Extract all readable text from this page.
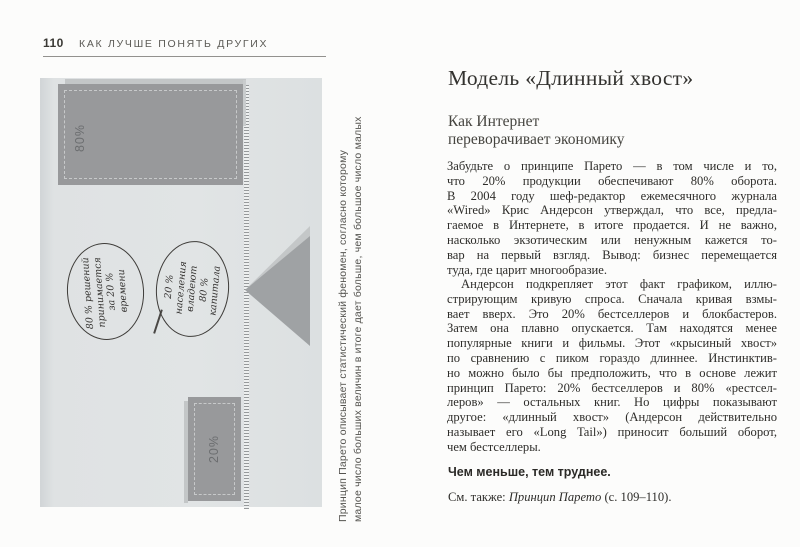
110 КАК ЛУЧШЕ ПОНЯТЬ ДРУГИХ
80%
80 % решений
принимается
за 20 % времени	20 % населения
владеют
80 % капитала
20%	Принцип Парето описывает статистический феномен, согласно которому малое число больших величин в итоге дает больше, чем большое число малых
Модель «Длинный хвост»
Как Интернет
переворачивает экономику
Забудьте о принципе Парето — в том числе и то,
что 20% продукции обеспечивают 80% оборота.
В 2004 году шеф-редактор ежемесячного журнала
«Wired» Крис Андерсон утверждал, что все, предла-
гаемое в Интернете, в итоге продается. И не важно,
насколько экзотическим или ненужным кажется то-
вар на первый взгляд. Вывод: бизнес перемещается
туда, где царит многообразие.
Андерсон подкрепляет этот факт графиком, иллю-
стрирующим кривую спроса. Сначала кривая взмы-
вает вверх. Это 20% бестселлеров и блокбастеров.
Затем она плавно опускается. Там находятся менее
популярные книги и фильмы. Этот «крысиный хвост»
по сравнению с пиком гораздо длиннее. Инстинктив-
но можно было бы предположить, что в основе лежит
принцип Парето: 20% бестселлеров и 80% «рестсел-
леров» — остальных книг. Но цифры показывают
другое: «длинный хвост» (Андерсон действительно
называет его «Long Tail») приносит больший оборот,
чем бестселлеры.

Чем меньше, тем труднее.

См. также: Принцип Парето (с. 109–110).
